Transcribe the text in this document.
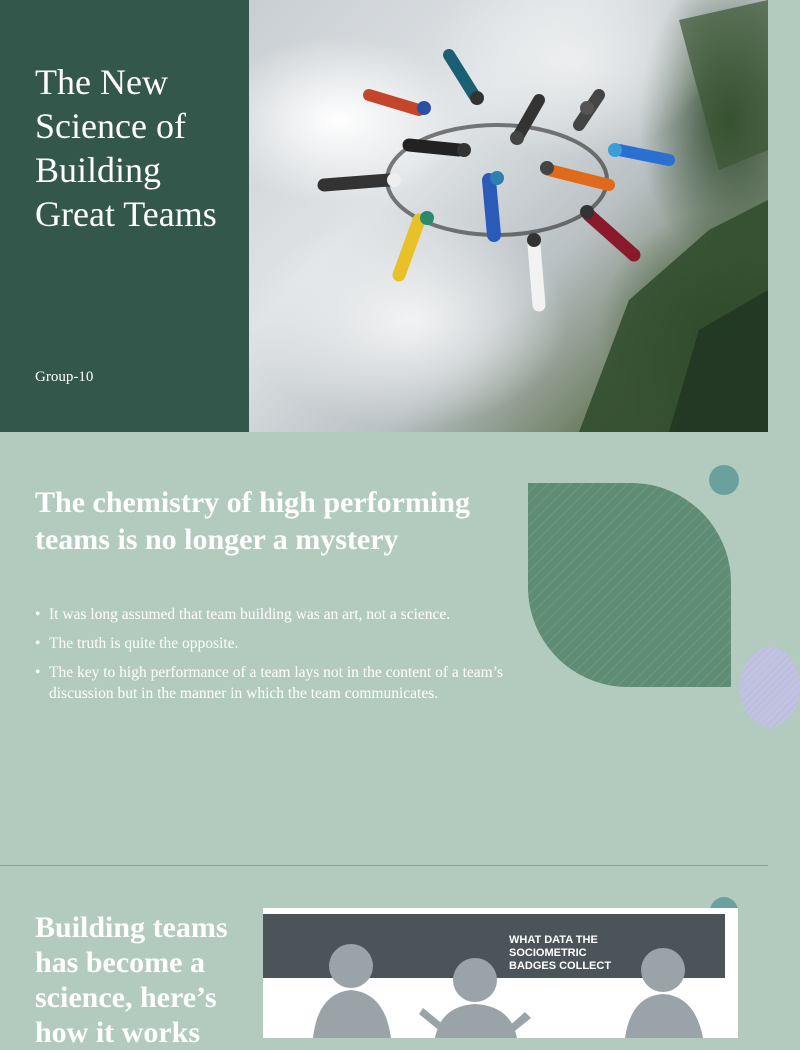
The New
Science of
Building
Great Teams
Group-10
The chemistry of high performing teams is no longer a mystery
• It was long assumed that team building was an art, not a science.
• The truth is quite the opposite.
• The key to high performance of a team lays not in the content of a team’s discussion but in the manner in which the team communicates.
Building teams
has become a
science, here’s
how it works
WHAT DATA THE
SOCIOMETRIC
BADGES COLLECT
